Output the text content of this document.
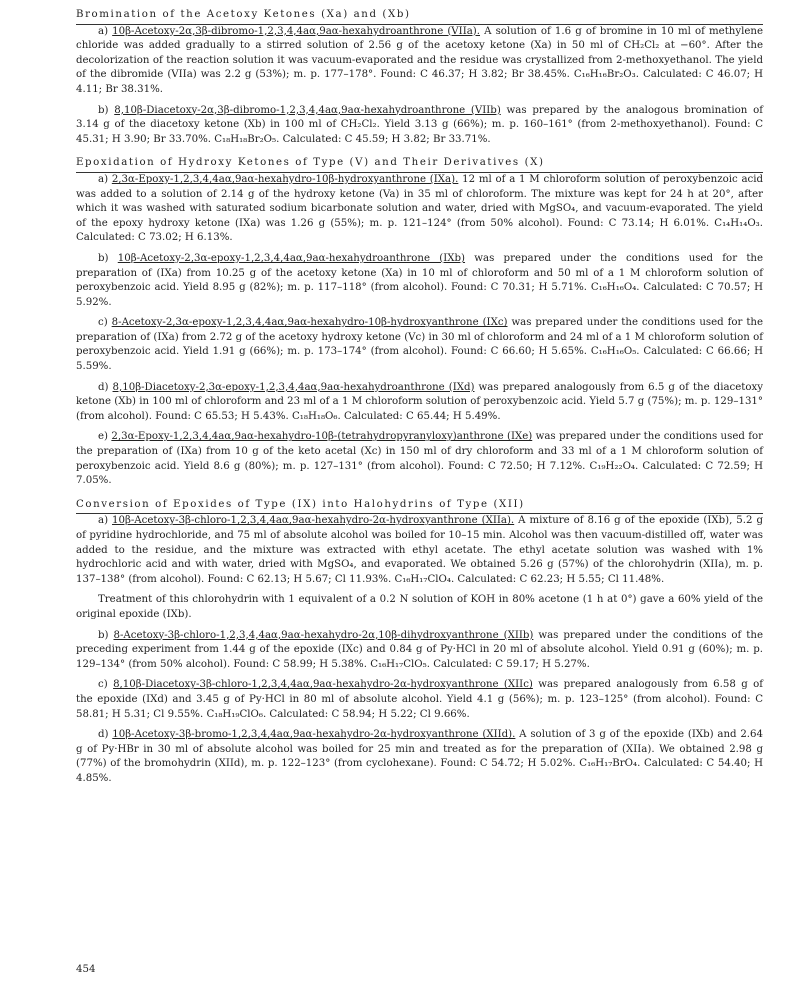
Bromination of the Acetoxy Ketones (Xa) and (Xb)

a) 10β-Acetoxy-2α,3β-dibromo-1,2,3,4,4aα,9aα-hexahydroanthrone (VIIa). A solution of 1.6 g of bromine in 10 ml of methylene chloride was added gradually to a stirred solution of 2.56 g of the acetoxy ketone (Xa) in 50 ml of CH₂Cl₂ at −60°. After the decolorization of the reaction solution it was vacuum-evaporated and the residue was crystallized from 2-methoxyethanol. The yield of the dibromide (VIIa) was 2.2 g (53%); m. p. 177–178°. Found: C 46.37; H 3.82; Br 38.45%. C₁₆H₁₆Br₂O₃. Calculated: C 46.07; H 4.11; Br 38.31%.

b) 8,10β-Diacetoxy-2α,3β-dibromo-1,2,3,4,4aα,9aα-hexahydroanthrone (VIIb) was prepared by the analogous bromination of 3.14 g of the diacetoxy ketone (Xb) in 100 ml of CH₂Cl₂. Yield 3.13 g (66%); m. p. 160–161° (from 2-methoxyethanol). Found: C 45.31; H 3.90; Br 33.70%. C₁₈H₁₈Br₂O₅. Calculated: C 45.59; H 3.82; Br 33.71%.

Epoxidation of Hydroxy Ketones of Type (V) and Their Derivatives (X)

a) 2,3α-Epoxy-1,2,3,4,4aα,9aα-hexahydro-10β-hydroxyanthrone (IXa). 12 ml of a 1 M chloroform solution of peroxybenzoic acid was added to a solution of 2.14 g of the hydroxy ketone (Va) in 35 ml of chloroform. The mixture was kept for 24 h at 20°, after which it was washed with saturated sodium bicarbonate solution and water, dried with MgSO₄, and vacuum-evaporated. The yield of the epoxy hydroxy ketone (IXa) was 1.26 g (55%); m. p. 121–124° (from 50% alcohol). Found: C 73.14; H 6.01%. C₁₄H₁₄O₃. Calculated: C 73.02; H 6.13%.

b) 10β-Acetoxy-2,3α-epoxy-1,2,3,4,4aα,9aα-hexahydroanthrone (IXb) was prepared under the conditions used for the preparation of (IXa) from 10.25 g of the acetoxy ketone (Xa) in 10 ml of chloroform and 50 ml of a 1 M chloroform solution of peroxybenzoic acid. Yield 8.95 g (82%); m. p. 117–118° (from alcohol). Found: C 70.31; H 5.71%. C₁₆H₁₆O₄. Calculated: C 70.57; H 5.92%.

c) 8-Acetoxy-2,3α-epoxy-1,2,3,4,4aα,9aα-hexahydro-10β-hydroxyanthrone (IXc) was prepared under the conditions used for the preparation of (IXa) from 2.72 g of the acetoxy hydroxy ketone (Vc) in 30 ml of chloroform and 24 ml of a 1 M chloroform solution of peroxybenzoic acid. Yield 1.91 g (66%); m. p. 173–174° (from alcohol). Found: C 66.60; H 5.65%. C₁₆H₁₆O₅. Calculated: C 66.66; H 5.59%.

d) 8,10β-Diacetoxy-2,3α-epoxy-1,2,3,4,4aα,9aα-hexahydroanthrone (IXd) was prepared analogously from 6.5 g of the diacetoxy ketone (Xb) in 100 ml of chloroform and 23 ml of a 1 M chloroform solution of peroxybenzoic acid. Yield 5.7 g (75%); m. p. 129–131° (from alcohol). Found: C 65.53; H 5.43%. C₁₈H₁₈O₆. Calculated: C 65.44; H 5.49%.

e) 2,3α-Epoxy-1,2,3,4,4aα,9aα-hexahydro-10β-(tetrahydropyranyloxy)anthrone (IXe) was prepared under the conditions used for the preparation of (IXa) from 10 g of the keto acetal (Xc) in 150 ml of dry chloroform and 33 ml of a 1 M chloroform solution of peroxybenzoic acid. Yield 8.6 g (80%); m. p. 127–131° (from alcohol). Found: C 72.50; H 7.12%. C₁₉H₂₂O₄. Calculated: C 72.59; H 7.05%.

Conversion of Epoxides of Type (IX) into Halohydrins of Type (XII)

a) 10β-Acetoxy-3β-chloro-1,2,3,4,4aα,9aα-hexahydro-2α-hydroxyanthrone (XIIa). A mixture of 8.16 g of the epoxide (IXb), 5.2 g of pyridine hydrochloride, and 75 ml of absolute alcohol was boiled for 10–15 min. Alcohol was then vacuum-distilled off, water was added to the residue, and the mixture was extracted with ethyl acetate. The ethyl acetate solution was washed with 1% hydrochloric acid and with water, dried with MgSO₄, and evaporated. We obtained 5.26 g (57%) of the chlorohydrin (XIIa), m. p. 137–138° (from alcohol). Found: C 62.13; H 5.67; Cl 11.93%. C₁₆H₁₇ClO₄. Calculated: C 62.23; H 5.55; Cl 11.48%.

Treatment of this chlorohydrin with 1 equivalent of a 0.2 N solution of KOH in 80% acetone (1 h at 0°) gave a 60% yield of the original epoxide (IXb).

b) 8-Acetoxy-3β-chloro-1,2,3,4,4aα,9aα-hexahydro-2α,10β-dihydroxyanthrone (XIIb) was prepared under the conditions of the preceding experiment from 1.44 g of the epoxide (IXc) and 0.84 g of Py·HCl in 20 ml of absolute alcohol. Yield 0.91 g (60%); m. p. 129–134° (from 50% alcohol). Found: C 58.99; H 5.38%. C₁₆H₁₇ClO₅. Calculated: C 59.17; H 5.27%.

c) 8,10β-Diacetoxy-3β-chloro-1,2,3,4,4aα,9aα-hexahydro-2α-hydroxyanthrone (XIIc) was prepared analogously from 6.58 g of the epoxide (IXd) and 3.45 g of Py·HCl in 80 ml of absolute alcohol. Yield 4.1 g (56%); m. p. 123–125° (from alcohol). Found: C 58.81; H 5.31; Cl 9.55%. C₁₈H₁₉ClO₆. Calculated: C 58.94; H 5.22; Cl 9.66%.

d) 10β-Acetoxy-3β-bromo-1,2,3,4,4aα,9aα-hexahydro-2α-hydroxyanthrone (XIId). A solution of 3 g of the epoxide (IXb) and 2.64 g of Py·HBr in 30 ml of absolute alcohol was boiled for 25 min and treated as for the preparation of (XIIa). We obtained 2.98 g (77%) of the bromohydrin (XIId), m. p. 122–123° (from cyclohexane). Found: C 54.72; H 5.02%. C₁₆H₁₇BrO₄. Calculated: C 54.40; H 4.85%.

454
